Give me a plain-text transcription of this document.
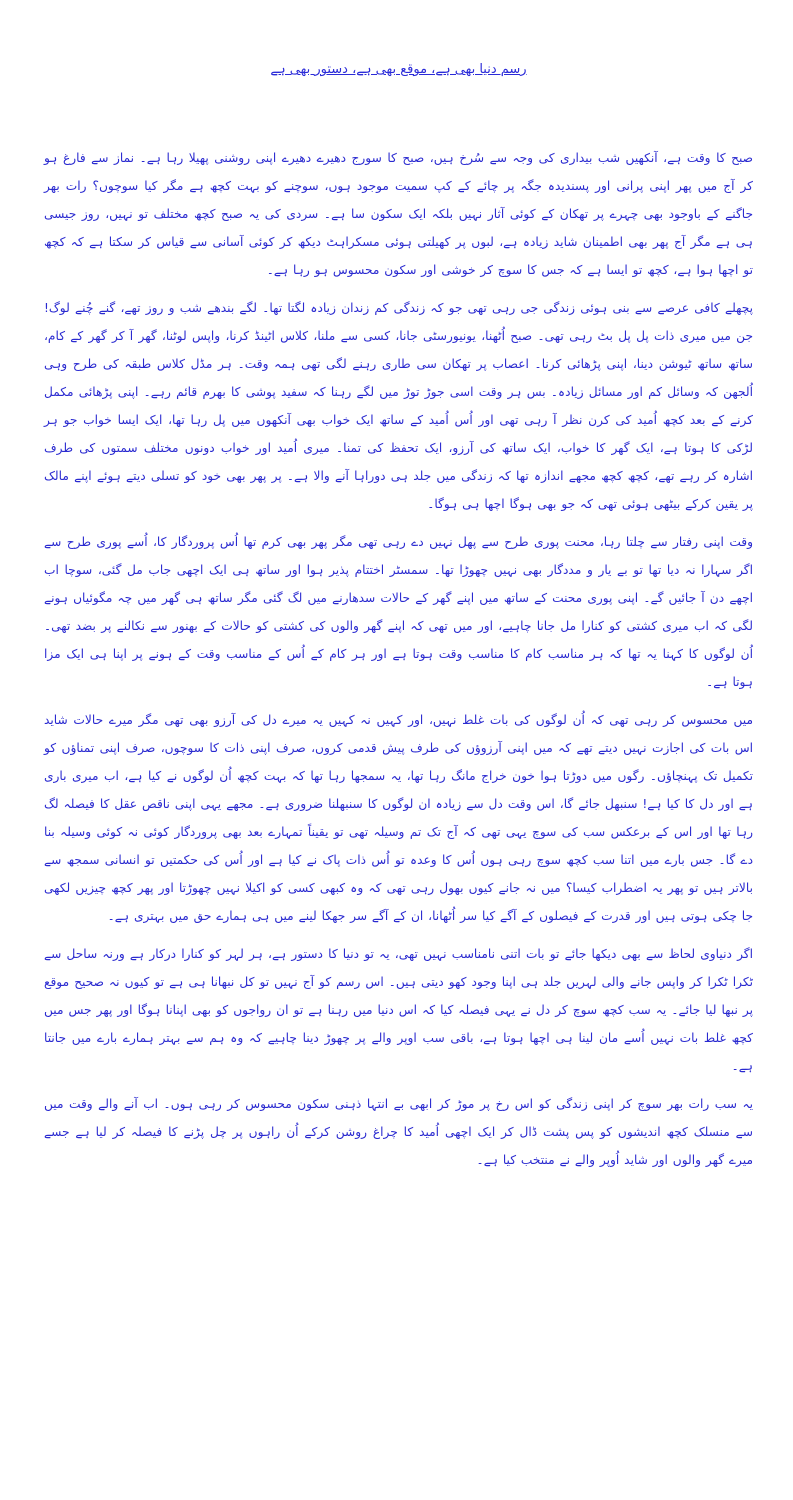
رسم دنیا بھی ہے، موقع بھی ہے، دستور بھی ہے

صبح کا وقت ہے، آنکھیں شب بیداری کی وجہ سے سُرخ ہیں، صبح کا سورج دھیرے دھیرے اپنی روشنی پھیلا رہا ہے۔ نماز سے فارغ ہو کر آج میں پھر اپنی پرانی اور پسندیدہ جگہ پر چائے کے کپ سمیت موجود ہوں، سوچنے کو بہت کچھ ہے مگر کیا سوچوں؟ رات بھر جاگنے کے باوجود بھی چہرے پر تھکان کے کوئی آثار نہیں بلکہ ایک سکون سا ہے۔ سردی کی یہ صبح کچھ مختلف تو نہیں، روز جیسی ہی ہے مگر آج پھر بھی اطمینان شاید زیادہ ہے، لبوں پر کھیلتی ہوئی مسکراہٹ دیکھ کر کوئی آسانی سے قیاس کر سکتا ہے کہ کچھ تو اچھا ہوا ہے، کچھ تو ایسا ہے کہ جس کا سوچ کر خوشی اور سکون محسوس ہو رہا ہے۔

پچھلے کافی عرصے سے بنی ہوئی زندگی جی رہی تھی جو کہ زندگی کم زندان زیادہ لگتا تھا۔ لگے بندھے شب و روز تھے، گنے چُنے لوگ! جن میں میری ذات پل پل بٹ رہی تھی۔ صبح اُٹھنا، یونیورسٹی جانا، کسی سے ملنا، کلاس اٹینڈ کرنا، واپس لوٹنا، گھر آ کر گھر کے کام، ساتھ ساتھ ٹیوشن دینا، اپنی پڑھائی کرنا۔ اعصاب پر تھکان سی طاری رہنے لگی تھی ہمہ وقت۔ ہر مڈل کلاس طبقہ کی طرح وہی اُلجھن کہ وسائل کم اور مسائل زیادہ۔ بس ہر وقت اسی جوڑ توڑ میں لگے رہنا کہ سفید پوشی کا بھرم قائم رہے۔ اپنی پڑھائی مکمل کرنے کے بعد کچھ اُمید کی کرن نظر آ رہی تھی اور اُس اُمید کے ساتھ ایک خواب بھی آنکھوں میں پل رہا تھا، ایک ایسا خواب جو ہر لڑکی کا ہوتا ہے، ایک گھر کا خواب، ایک ساتھ کی آرزو، ایک تحفظ کی تمنا۔ میری اُمید اور خواب دونوں مختلف سمتوں کی طرف اشارہ کر رہے تھے، کچھ کچھ مجھے اندازہ تھا کہ زندگی میں جلد ہی دوراہا آنے والا ہے۔ پر پھر بھی خود کو تسلی دیتے ہوئے اپنے مالک پر یقین کرکے بیٹھی ہوئی تھی کہ جو بھی ہوگا اچھا ہی ہوگا۔

وقت اپنی رفتار سے چلتا رہا، محنت پوری طرح سے پھل نہیں دے رہی تھی مگر پھر بھی کرم تھا اُس پروردگار کا، اُسے پوری طرح سے اگر سہارا نہ دیا تھا تو بے یار و مددگار بھی نہیں چھوڑا تھا۔ سمسٹر اختتام پذیر ہوا اور ساتھ ہی ایک اچھی جاب مل گئی، سوچا اب اچھے دن آ جائیں گے۔ اپنی پوری محنت کے ساتھ میں اپنے گھر کے حالات سدھارنے میں لگ گئی مگر ساتھ ہی گھر میں چہ مگوئیاں ہونے لگی کہ اب میری کشتی کو کنارا مل جانا چاہیے، اور میں تھی کہ اپنے گھر والوں کی کشتی کو حالات کے بھنور سے نکالنے پر بضد تھی۔ اُن لوگوں کا کہنا یہ تھا کہ ہر مناسب کام کا مناسب وقت ہوتا ہے اور ہر کام کے اُس کے مناسب وقت کے ہونے پر اپنا ہی ایک مزا ہوتا ہے۔

میں محسوس کر رہی تھی کہ اُن لوگوں کی بات غلط نہیں، اور کہیں نہ کہیں یہ میرے دل کی آرزو بھی تھی مگر میرے حالات شاید اس بات کی اجازت نہیں دیتے تھے کہ میں اپنی آرزوؤں کی طرف پیش قدمی کروں، صرف اپنی ذات کا سوچوں، صرف اپنی تمناؤں کو تکمیل تک پہنچاؤں۔ رگوں میں دوڑتا ہوا خون خراج مانگ رہا تھا، یہ سمجھا رہا تھا کہ بہت کچھ اُن لوگوں نے کیا ہے، اب میری باری ہے اور دل کا کیا ہے! سنبھل جائے گا، اس وقت دل سے زیادہ ان لوگوں کا سنبھلنا ضروری ہے۔ مجھے یہی اپنی ناقص عقل کا فیصلہ لگ رہا تھا اور اس کے برعکس سب کی سوچ یہی تھی کہ آج تک تم وسیلہ تھی تو یقیناً تمہارے بعد بھی پروردگار کوئی نہ کوئی وسیلہ بنا دے گا۔ جس بارے میں اتنا سب کچھ سوچ رہی ہوں اُس کا وعدہ تو اُس ذات پاک نے کیا ہے اور اُس کی حکمتیں تو انسانی سمجھ سے بالاتر ہیں تو پھر یہ اضطراب کیسا؟ میں نہ جانے کیوں بھول رہی تھی کہ وہ کبھی کسی کو اکیلا نہیں چھوڑتا اور پھر کچھ چیزیں لکھی جا چکی ہوتی ہیں اور قدرت کے فیصلوں کے آگے کیا سر اُٹھانا، ان کے آگے سر جھکا لینے میں ہی ہمارے حق میں بہتری ہے۔

اگر دنیاوی لحاظ سے بھی دیکھا جائے تو بات اتنی نامناسب نہیں تھی، یہ تو دنیا کا دستور ہے، ہر لہر کو کنارا درکار ہے ورنہ ساحل سے ٹکرا ٹکرا کر واپس جانے والی لہریں جلد ہی اپنا وجود کھو دیتی ہیں۔ اس رسم کو آج نہیں تو کل نبھانا ہی ہے تو کیوں نہ صحیح موقع پر نبھا لیا جائے۔ یہ سب کچھ سوچ کر دل نے یہی فیصلہ کیا کہ اس دنیا میں رہنا ہے تو ان رواجوں کو بھی اپنانا ہوگا اور پھر جس میں کچھ غلط بات نہیں اُسے مان لینا ہی اچھا ہوتا ہے، باقی سب اوپر والے پر چھوڑ دینا چاہیے کہ وہ ہم سے بہتر ہمارے بارے میں جانتا ہے۔

یہ سب رات بھر سوچ کر اپنی زندگی کو اس رخ پر موڑ کر ابھی بے انتہا ذہنی سکون محسوس کر رہی ہوں۔ اب آنے والے وقت میں سے منسلک کچھ اندیشوں کو پس پشت ڈال کر ایک اچھی اُمید کا چراغ روشن کرکے اُن راہوں پر چل پڑنے کا فیصلہ کر لیا ہے جسے میرے گھر والوں اور شاید اُوپر والے نے منتخب کیا ہے۔
